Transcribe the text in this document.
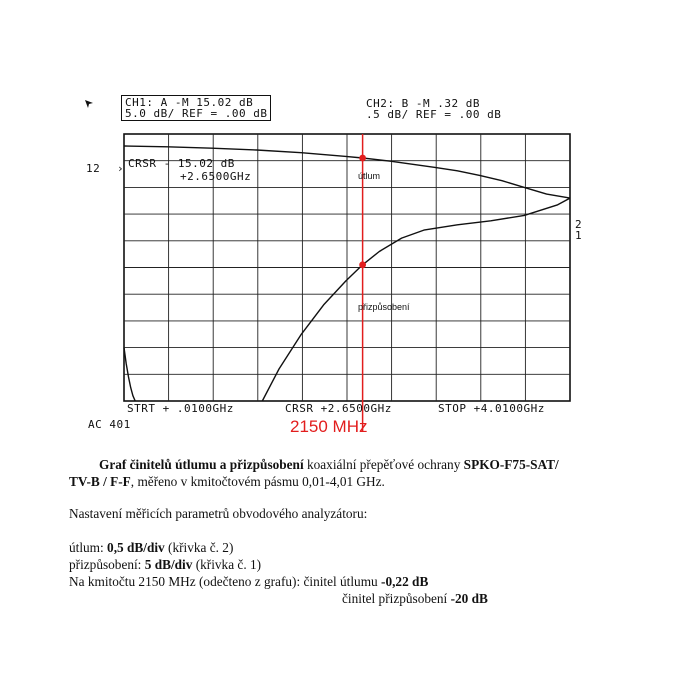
CH1: A -M 15.02 dB
5.0 dB/ REF = .00 dB
CH2: B -M .32 dB
.5 dB/ REF = .00 dB
12 ›
AC 401
CRSR - 15.02 dB
+2.6500GHz
STRT + .0100GHz	CRSR +2.6500GHz	STOP +4.0100GHz
2150 MHz
útlum
přizpůsobení
2
1
Graf činitelů útlumu a přizpůsobení koaxiální přepěťové ochrany SPKO-F75-SAT/
TV-B / F-F, měřeno v kmitočtovém pásmu 0,01-4,01 GHz.
Nastavení měřicích parametrů obvodového analyzátoru:
útlum: 0,5 dB/div (křivka č. 2)
přizpůsobení: 5 dB/div (křivka č. 1)
Na kmitočtu 2150 MHz (odečteno z grafu): činitel útlumu -0,22 dB
činitel přizpůsobení -20 dB
